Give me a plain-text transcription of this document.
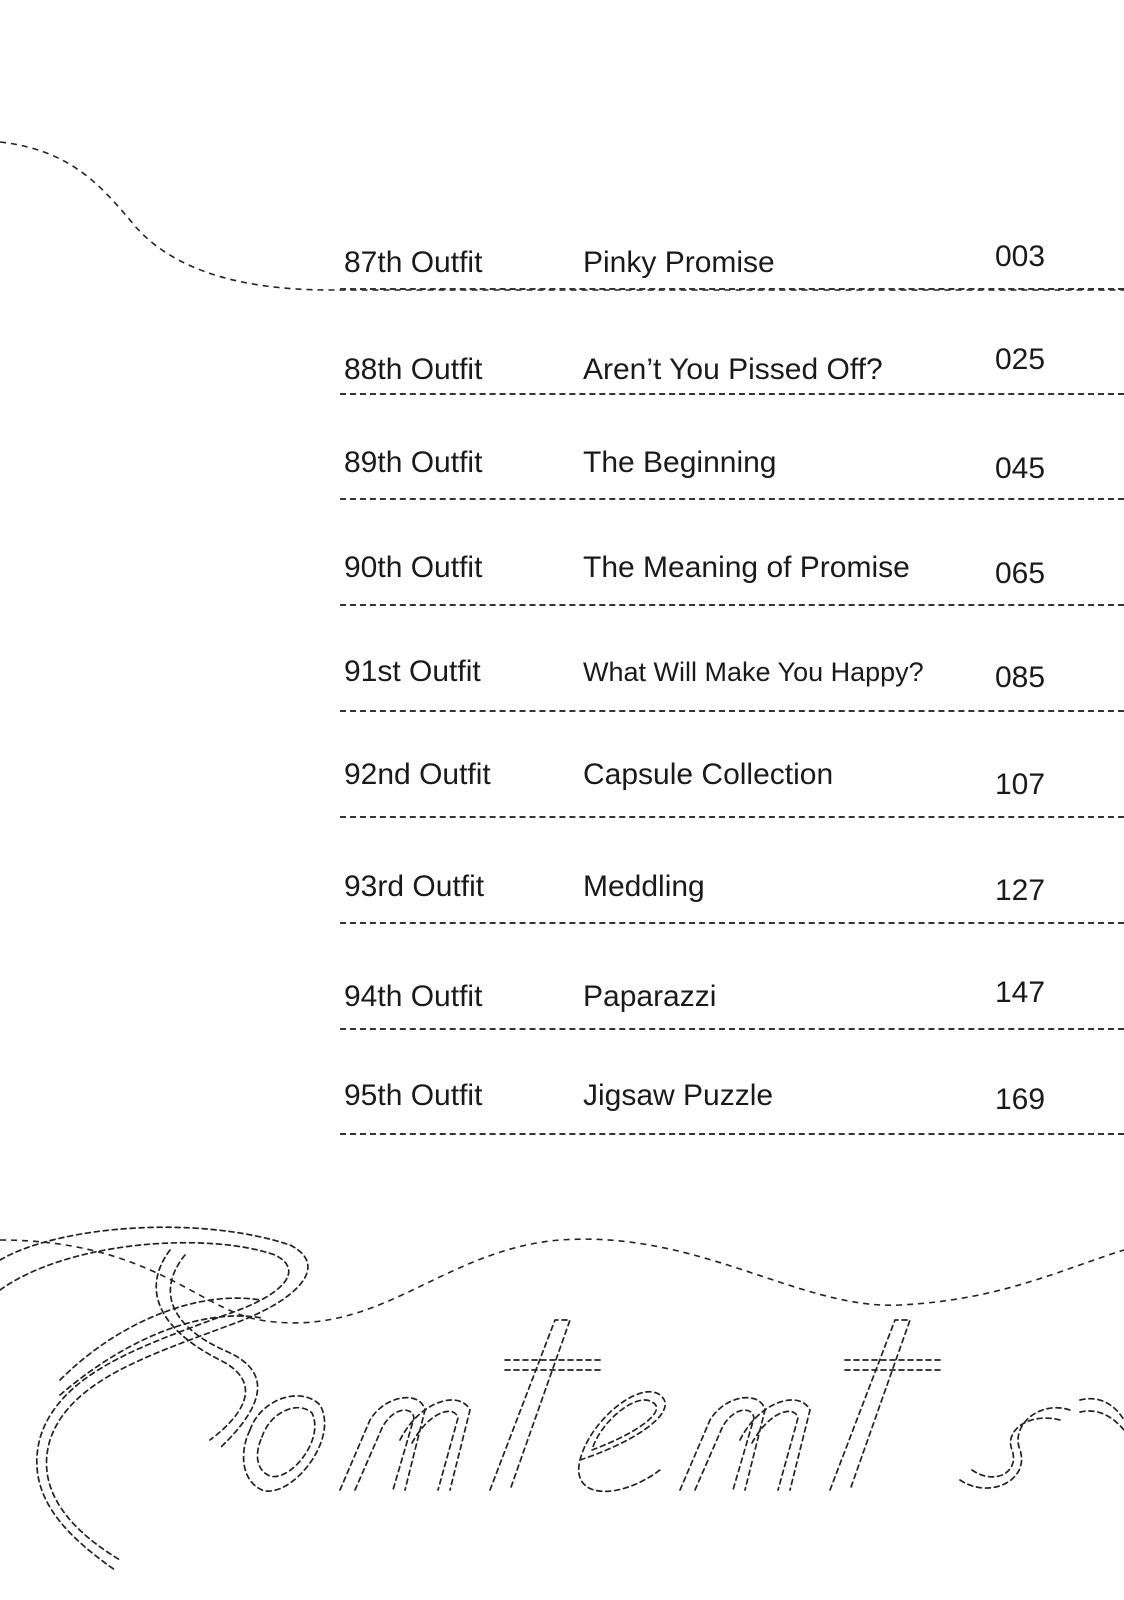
87th Outfit	Pinky Promise	003
88th Outfit	Aren’t You Pissed Off?	025
89th Outfit	The Beginning	045
90th Outfit	The Meaning of Promise	065
91st Outfit	What Will Make You Happy? 085
92nd Outfit	Capsule Collection	107
93rd Outfit	Meddling	127
94th Outfit	Paparazzi	147
95th Outfit	Jigsaw Puzzle	169
